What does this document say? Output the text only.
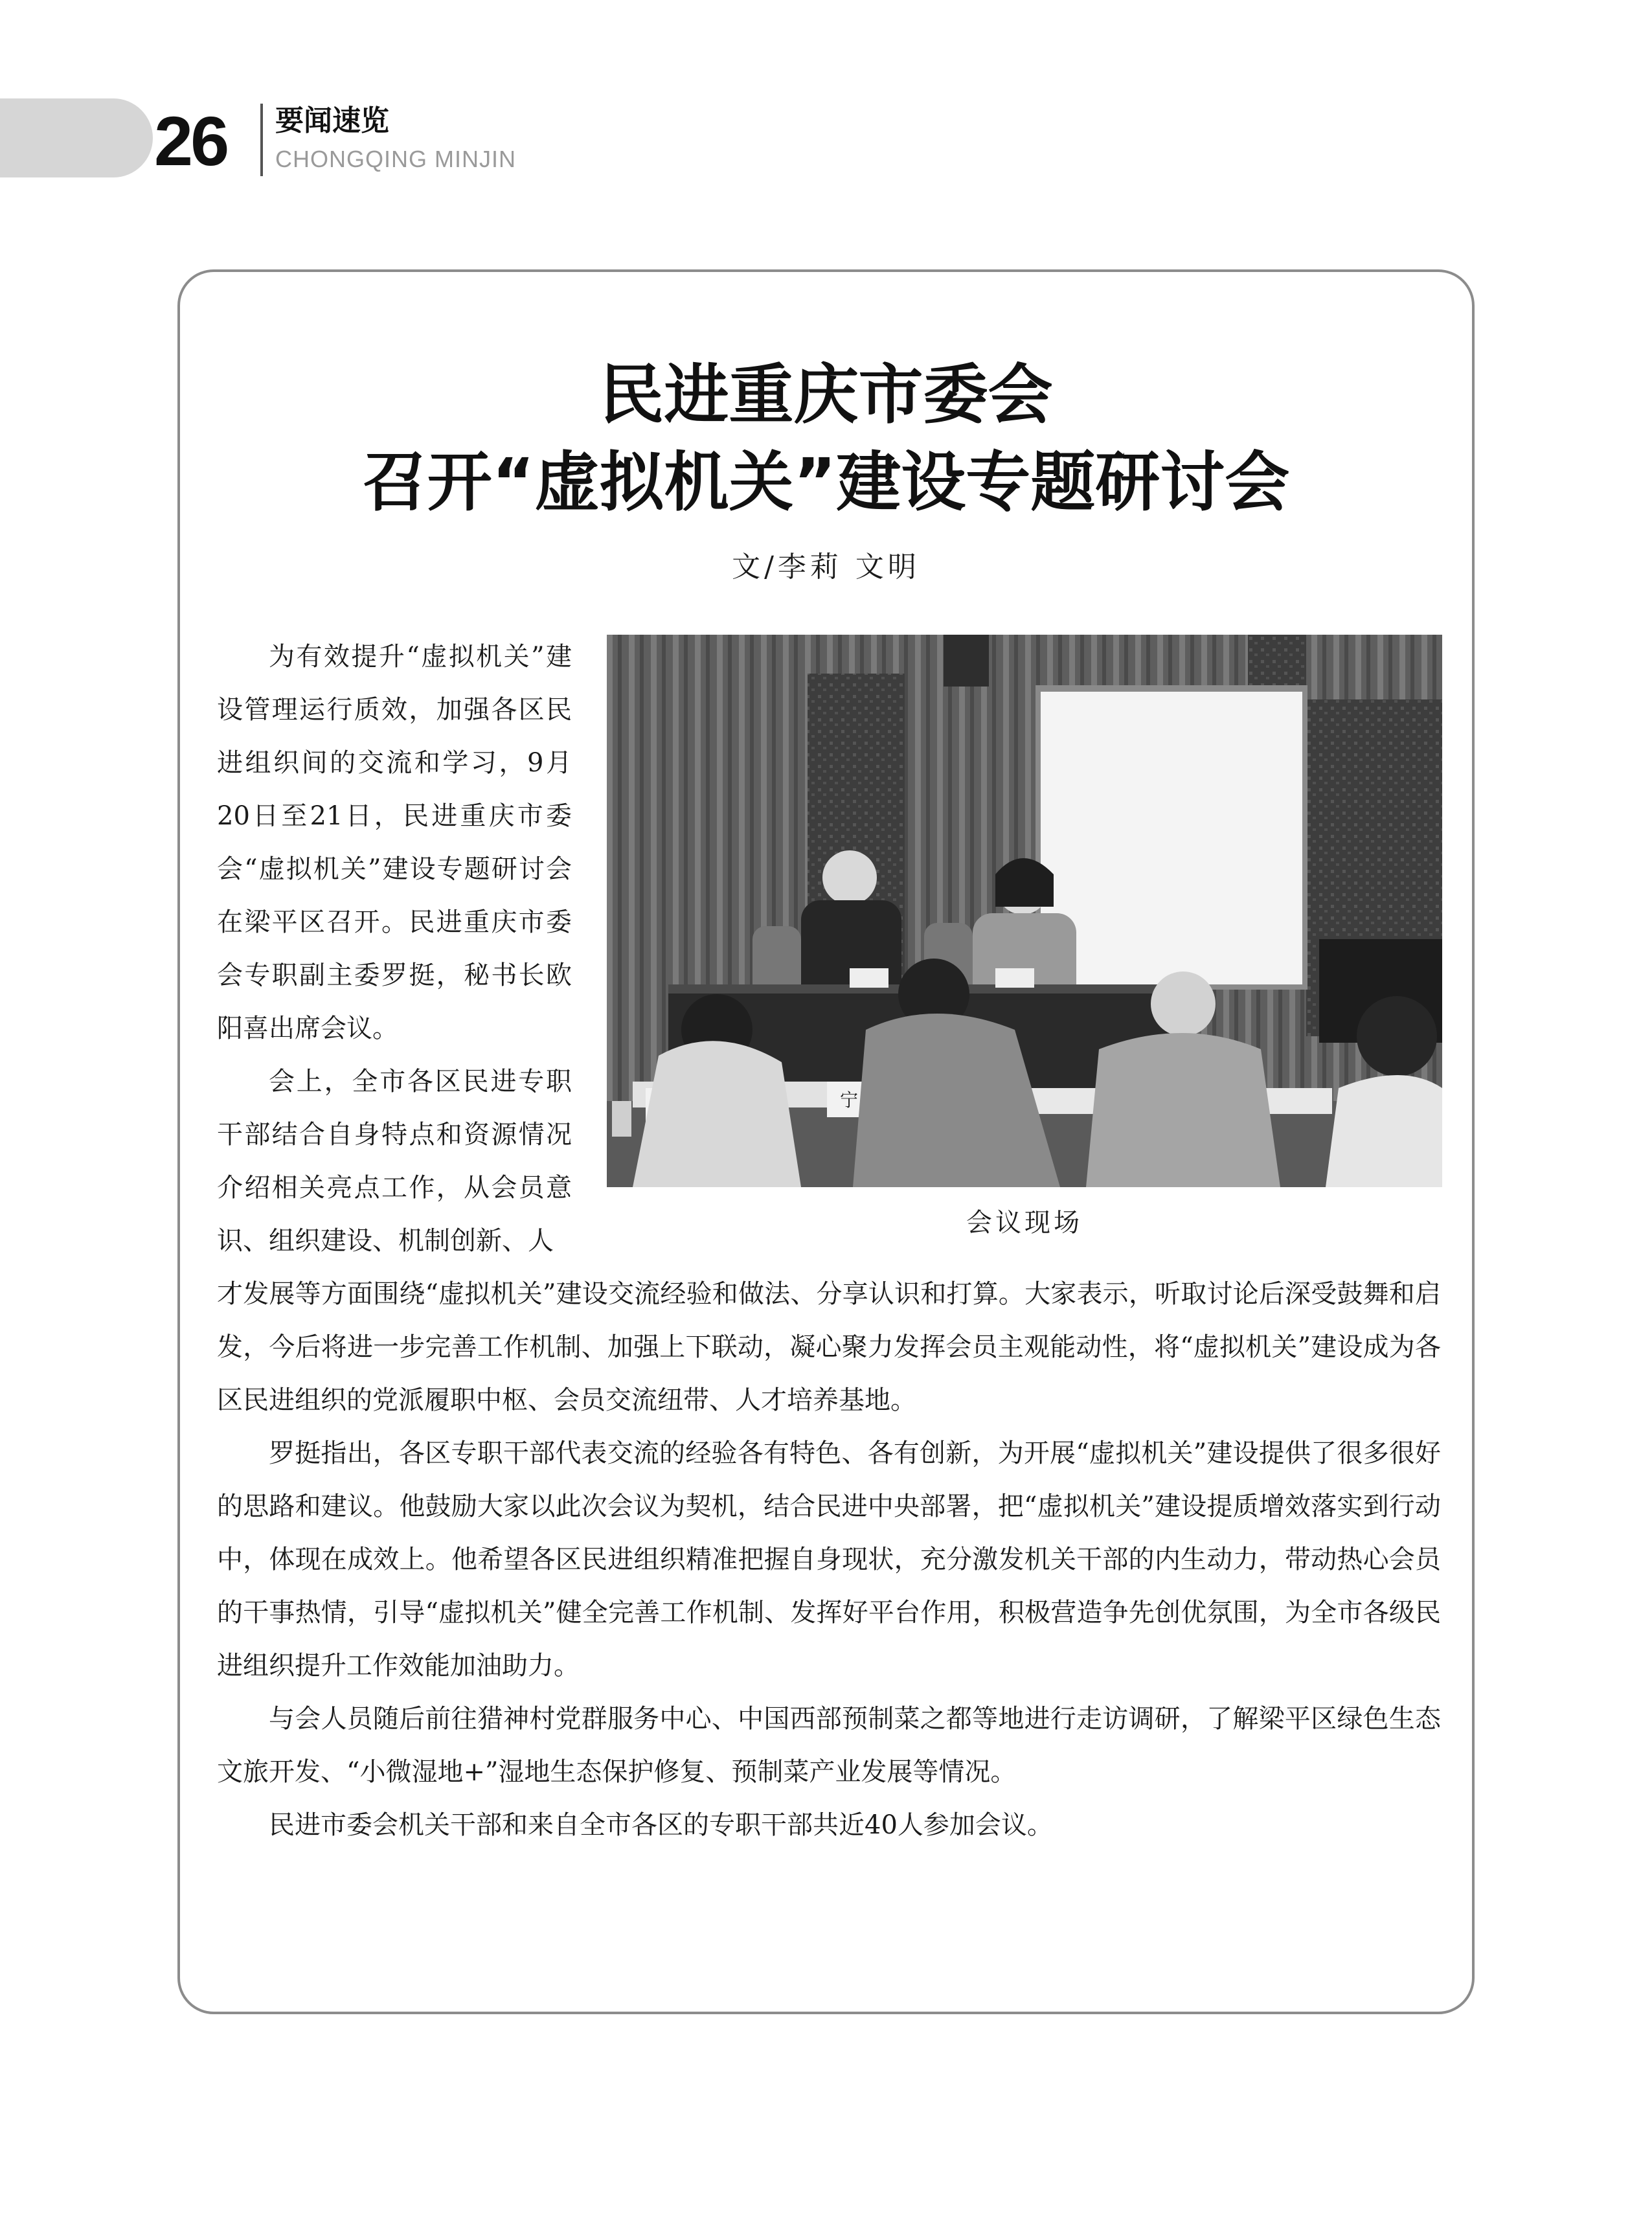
26 要闻速览
CHONGQING MINJIN
民进重庆市委会
召开“虚拟机关”建设专题研讨会
文/李莉 文明
宁
会议现场

为有效提升“虚拟机关”建设管理运行质效，加强各区民进组织间的交流和学习，9月20日至21日，民进重庆市委会“虚拟机关”建设专题研讨会在梁平区召开。民进重庆市委会专职副主委罗挺，秘书长欧阳喜出席会议。

会上，全市各区民进专职干部结合自身特点和资源情况介绍相关亮点工作，从会员意识、组织建设、机制创新、人

才发展等方面围绕“虚拟机关”建设交流经验和做法、分享认识和打算。大家表示，听取讨论后深受鼓舞和启发，今后将进一步完善工作机制、加强上下联动，凝心聚力发挥会员主观能动性，将“虚拟机关”建设成为各区民进组织的党派履职中枢、会员交流纽带、人才培养基地。

罗挺指出，各区专职干部代表交流的经验各有特色、各有创新，为开展“虚拟机关”建设提供了很多很好的思路和建议。他鼓励大家以此次会议为契机，结合民进中央部署，把“虚拟机关”建设提质增效落实到行动中，体现在成效上。他希望各区民进组织精准把握自身现状，充分激发机关干部的内生动力，带动热心会员的干事热情，引导“虚拟机关”健全完善工作机制、发挥好平台作用，积极营造争先创优氛围，为全市各级民进组织提升工作效能加油助力。

与会人员随后前往猎神村党群服务中心、中国西部预制菜之都等地进行走访调研，了解梁平区绿色生态文旅开发、“小微湿地+”湿地生态保护修复、预制菜产业发展等情况。

民进市委会机关干部和来自全市各区的专职干部共近40人参加会议。
